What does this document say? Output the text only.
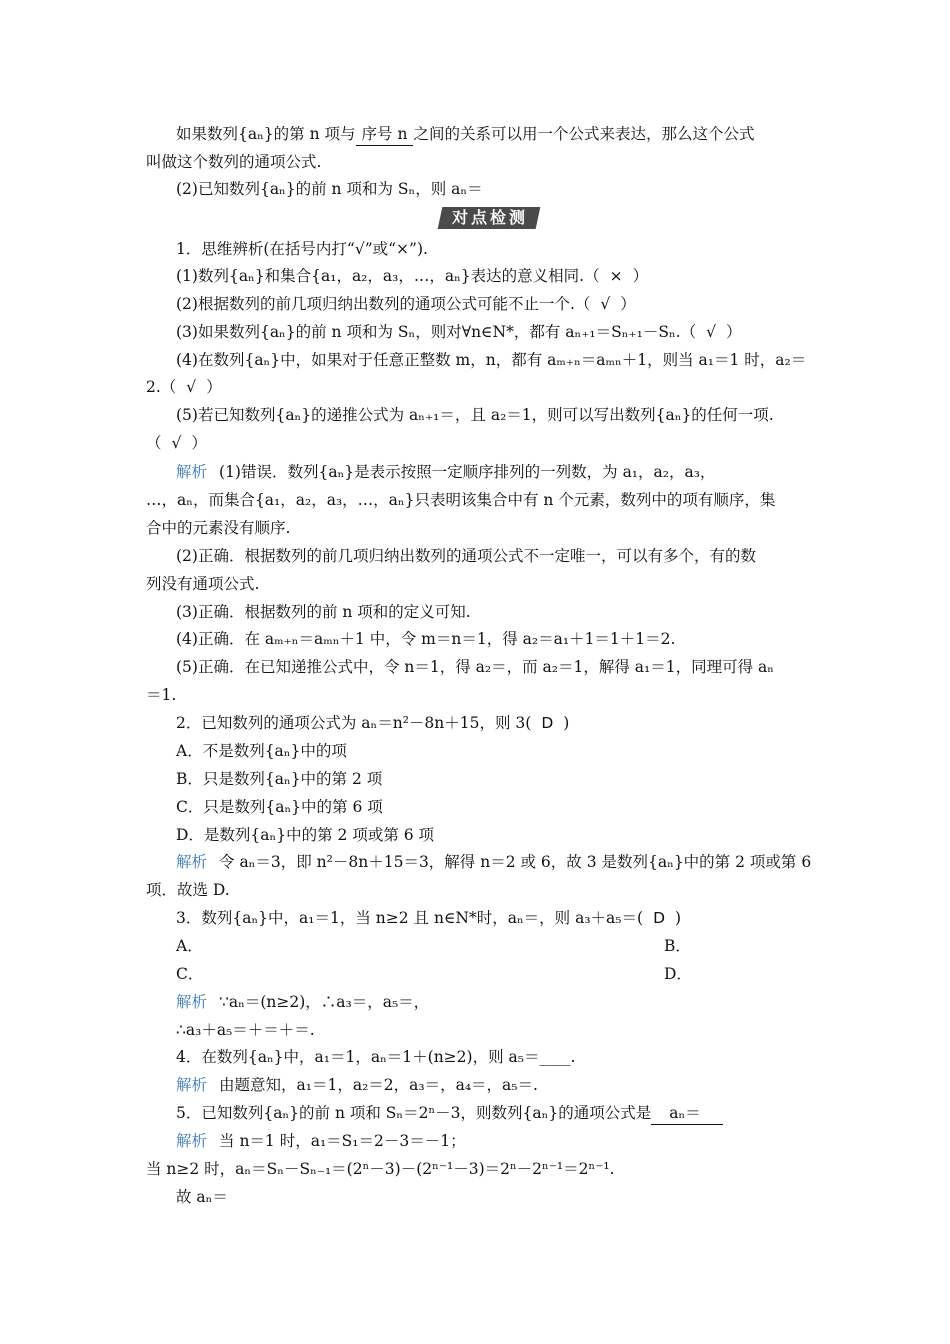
如果数列{aₙ}的第 n 项与 序号 n 之间的关系可以用一个公式来表达，那么这个公式
叫做这个数列的通项公式.
(2)已知数列{aₙ}的前 n 项和为 Sₙ，则 aₙ＝
对点检测
1．思维辨析(在括号内打“√”或“×”).
(1)数列{aₙ}和集合{a₁，a₂，a₃，…，aₙ}表达的意义相同.（ × ）
(2)根据数列的前几项归纳出数列的通项公式可能不止一个.（ √ ）
(3)如果数列{aₙ}的前 n 项和为 Sₙ，则对∀n∈N*，都有 aₙ₊₁＝Sₙ₊₁－Sₙ.（ √ ）
(4)在数列{aₙ}中，如果对于任意正整数 m，n，都有 aₘ₊ₙ＝aₘₙ＋1，则当 a₁＝1 时，a₂＝
2.（ √ ）
(5)若已知数列{aₙ}的递推公式为 aₙ₊₁＝，且 a₂＝1，则可以写出数列{aₙ}的任何一项.
（ √ ）
解析 (1)错误．数列{aₙ}是表示按照一定顺序排列的一列数，为 a₁，a₂，a₃，
…，aₙ，而集合{a₁，a₂，a₃，…，aₙ}只表明该集合中有 n 个元素，数列中的项有顺序，集
合中的元素没有顺序.
(2)正确．根据数列的前几项归纳出数列的通项公式不一定唯一，可以有多个，有的数
列没有通项公式.
(3)正确．根据数列的前 n 项和的定义可知.
(4)正确．在 aₘ₊ₙ＝aₘₙ＋1 中，令 m＝n＝1，得 a₂＝a₁＋1＝1＋1＝2.
(5)正确．在已知递推公式中，令 n＝1，得 a₂＝，而 a₂＝1，解得 a₁＝1，同理可得 aₙ
＝1.
2．已知数列的通项公式为 aₙ＝n²－8n＋15，则 3( D )
A．不是数列{aₙ}中的项
B．只是数列{aₙ}中的第 2 项
C．只是数列{aₙ}中的第 6 项
D．是数列{aₙ}中的第 2 项或第 6 项
解析 令 aₙ＝3，即 n²－8n＋15＝3，解得 n＝2 或 6，故 3 是数列{aₙ}中的第 2 项或第 6
项．故选 D.
3．数列{aₙ}中，a₁＝1，当 n≥2 且 n∈N*时，aₙ＝，则 a₃＋a₅＝( D )
A．	B．
C．	D．
解析 ∵aₙ＝(n≥2)，∴a₃＝，a₅＝，
∴a₃＋a₅＝＋＝＋＝.
4．在数列{aₙ}中，a₁＝1，aₙ＝1＋(n≥2)，则 a₅＝____.
解析 由题意知，a₁＝1，a₂＝2，a₃＝，a₄＝，a₅＝.
5．已知数列{aₙ}的前 n 项和 Sₙ＝2ⁿ－3，则数列{aₙ}的通项公式是 aₙ＝
解析 当 n＝1 时，a₁＝S₁＝2－3＝－1；
当 n≥2 时，aₙ＝Sₙ－Sₙ₋₁＝(2ⁿ－3)－(2ⁿ⁻¹－3)＝2ⁿ－2ⁿ⁻¹＝2ⁿ⁻¹.
故 aₙ＝
